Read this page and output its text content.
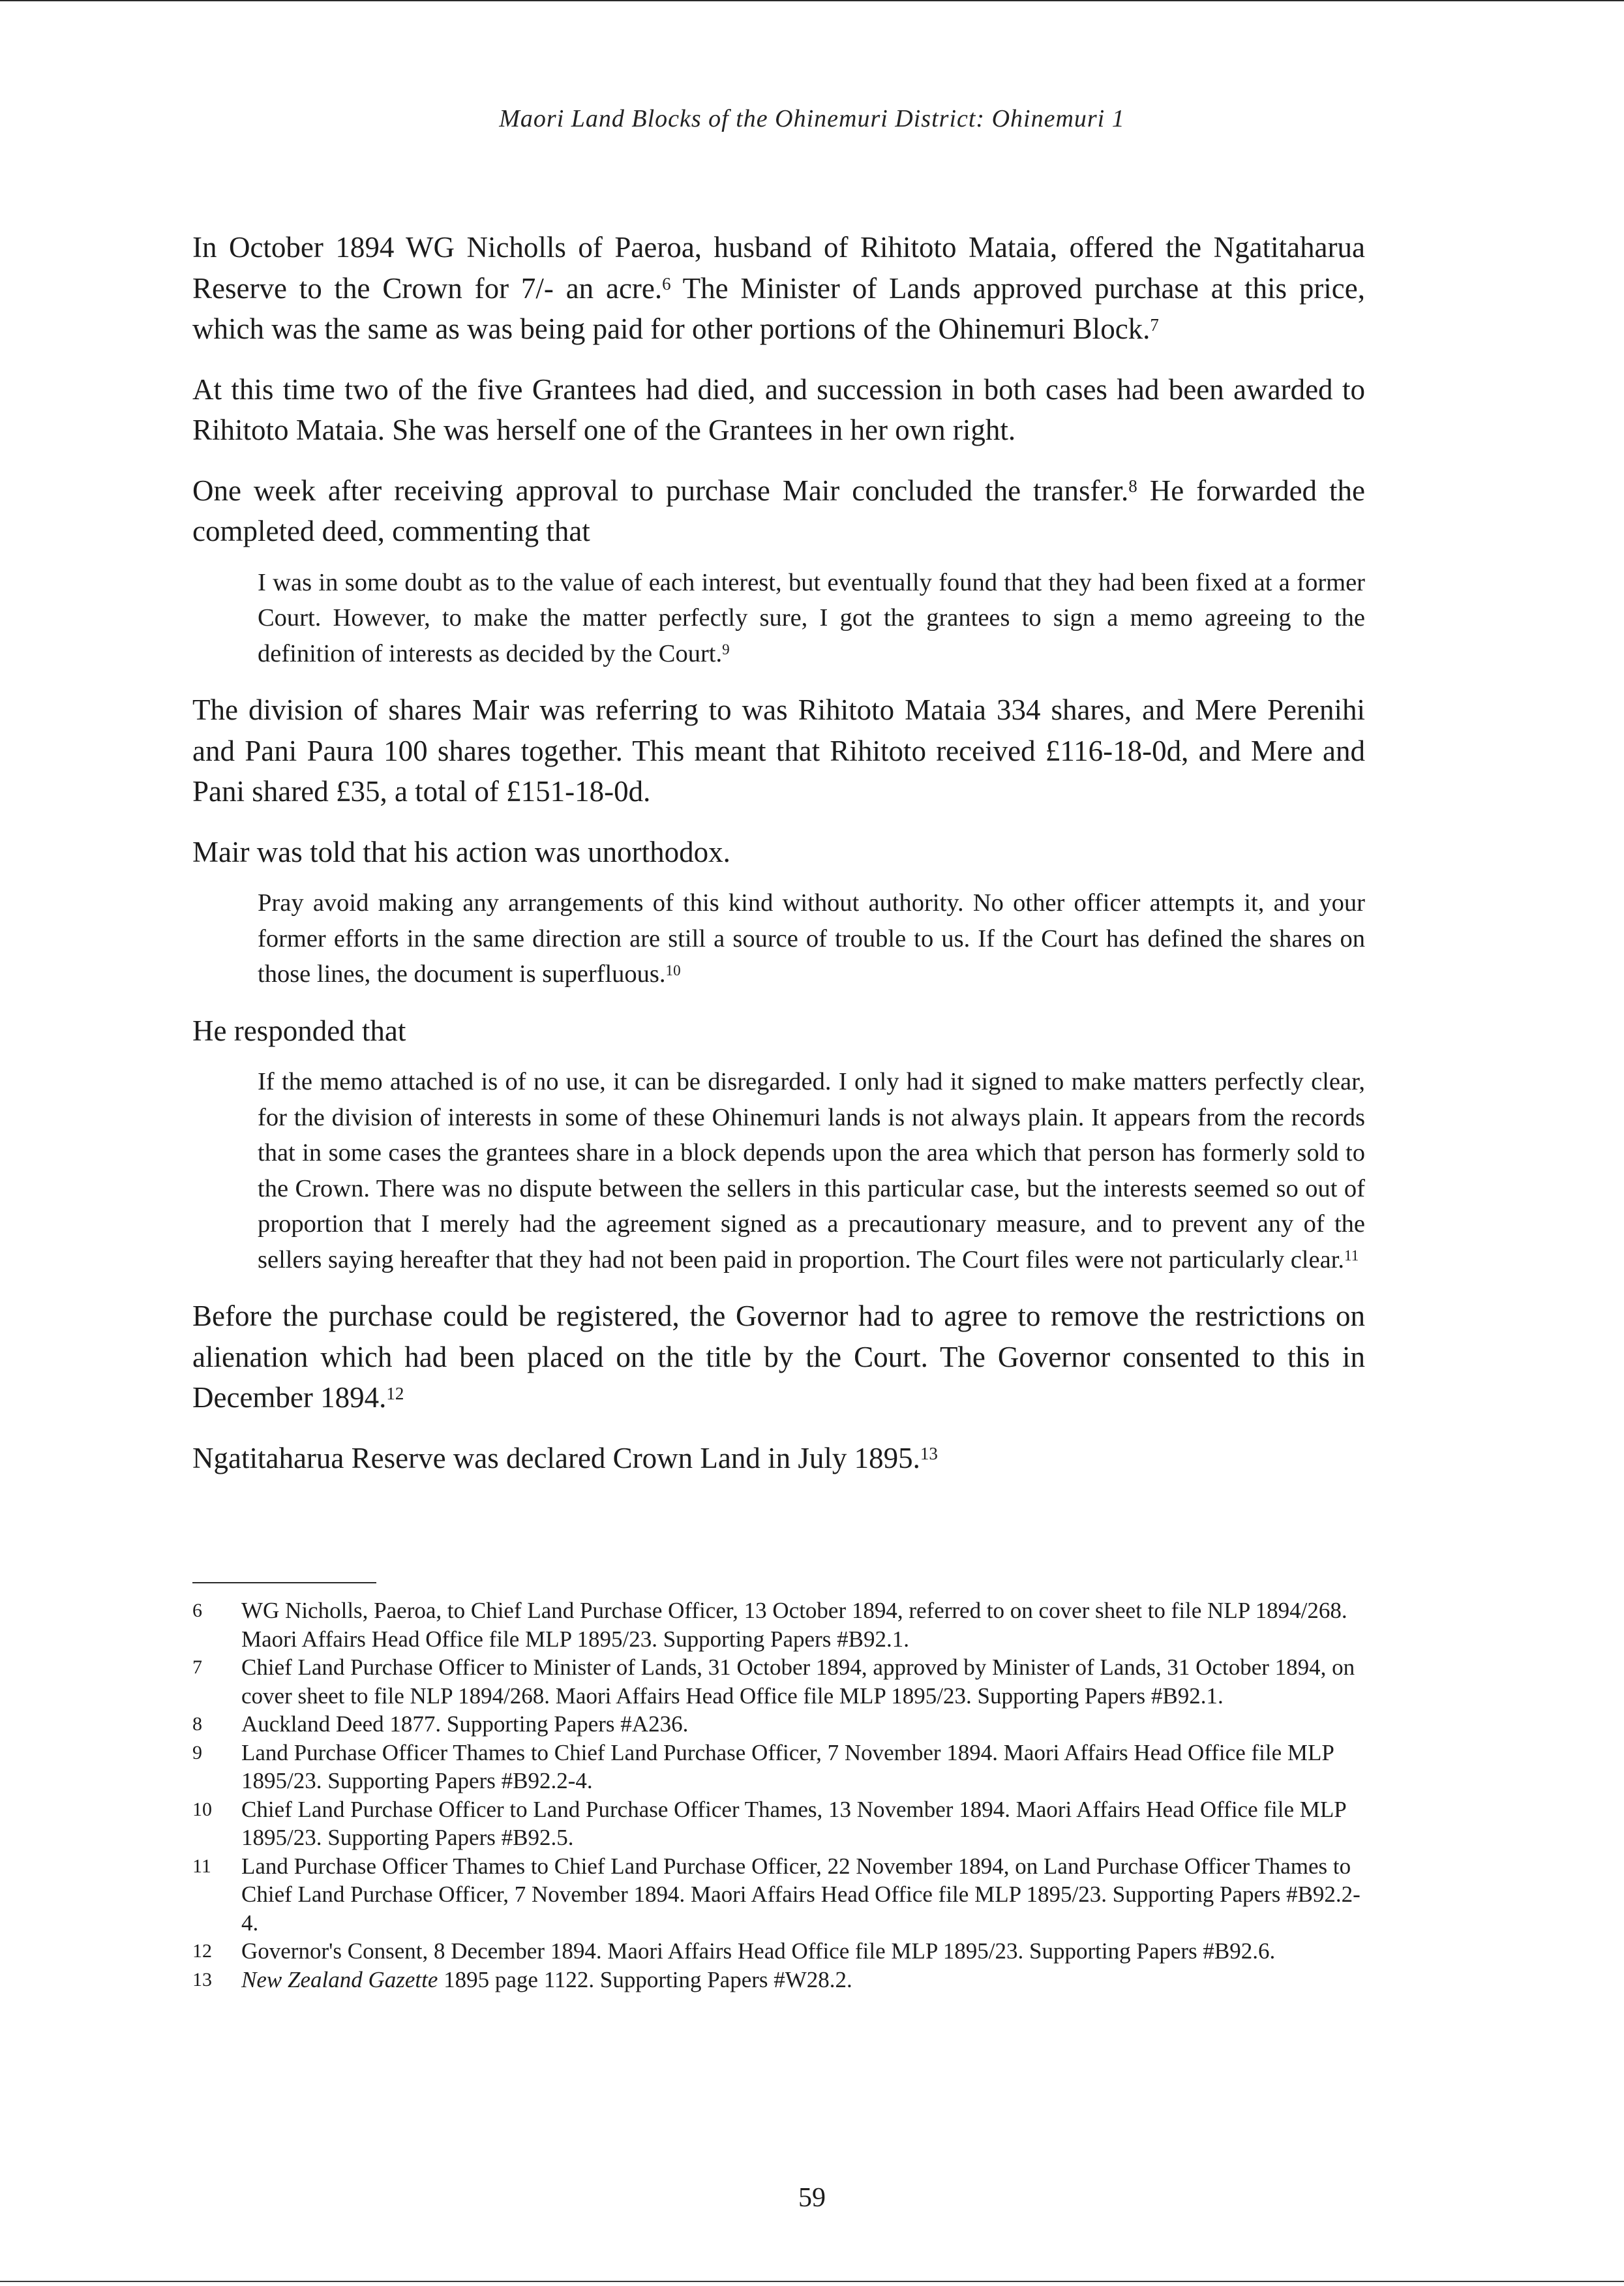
Maori Land Blocks of the Ohinemuri District: Ohinemuri 1

In October 1894 WG Nicholls of Paeroa, husband of Rihitoto Mataia, offered the Ngatitaharua Reserve to the Crown for 7/- an acre.$^6$ The Minister of Lands approved purchase at this price, which was the same as was being paid for other portions of the Ohinemuri Block.$^7$

At this time two of the five Grantees had died, and succession in both cases had been awarded to Rihitoto Mataia. She was herself one of the Grantees in her own right.

One week after receiving approval to purchase Mair concluded the transfer.$^8$ He forwarded the completed deed, commenting that

I was in some doubt as to the value of each interest, but eventually found that they had been fixed at a former Court. However, to make the matter perfectly sure, I got the grantees to sign a memo agreeing to the definition of interests as decided by the Court.$^9$

The division of shares Mair was referring to was Rihitoto Mataia 334 shares, and Mere Perenihi and Pani Paura 100 shares together. This meant that Rihitoto received £116-18-0d, and Mere and Pani shared £35, a total of £151-18-0d.

Mair was told that his action was unorthodox.

Pray avoid making any arrangements of this kind without authority. No other officer attempts it, and your former efforts in the same direction are still a source of trouble to us. If the Court has defined the shares on those lines, the document is superfluous.$^{10}$

He responded that

If the memo attached is of no use, it can be disregarded. I only had it signed to make matters perfectly clear, for the division of interests in some of these Ohinemuri lands is not always plain. It appears from the records that in some cases the grantees share in a block depends upon the area which that person has formerly sold to the Crown. There was no dispute between the sellers in this particular case, but the interests seemed so out of proportion that I merely had the agreement signed as a precautionary measure, and to prevent any of the sellers saying hereafter that they had not been paid in proportion. The Court files were not particularly clear.$^{11}$

Before the purchase could be registered, the Governor had to agree to remove the restrictions on alienation which had been placed on the title by the Court. The Governor consented to this in December 1894.12

Ngatitaharua Reserve was declared Crown Land in July 1895.13

6	WG Nicholls, Paeroa, to Chief Land Purchase Officer, 13 October 1894, referred to on cover sheet to file NLP 1894/268. Maori Affairs Head Office file MLP 1895/23. Supporting Papers #B92.1.
7	Chief Land Purchase Officer to Minister of Lands, 31 October 1894, approved by Minister of Lands, 31 October 1894, on cover sheet to file NLP 1894/268. Maori Affairs Head Office file MLP 1895/23. Supporting Papers #B92.1.
8	Auckland Deed 1877. Supporting Papers #A236.
9	Land Purchase Officer Thames to Chief Land Purchase Officer, 7 November 1894. Maori Affairs Head Office file MLP 1895/23. Supporting Papers #B92.2-4.
10	Chief Land Purchase Officer to Land Purchase Officer Thames, 13 November 1894. Maori Affairs Head Office file MLP 1895/23. Supporting Papers #B92.5.
11	Land Purchase Officer Thames to Chief Land Purchase Officer, 22 November 1894, on Land Purchase Officer Thames to Chief Land Purchase Officer, 7 November 1894. Maori Affairs Head Office file MLP 1895/23. Supporting Papers #B92.2-4.
12	Governor's Consent, 8 December 1894. Maori Affairs Head Office file MLP 1895/23. Supporting Papers #B92.6.
13	New Zealand Gazette 1895 page 1122. Supporting Papers #W28.2.
59
